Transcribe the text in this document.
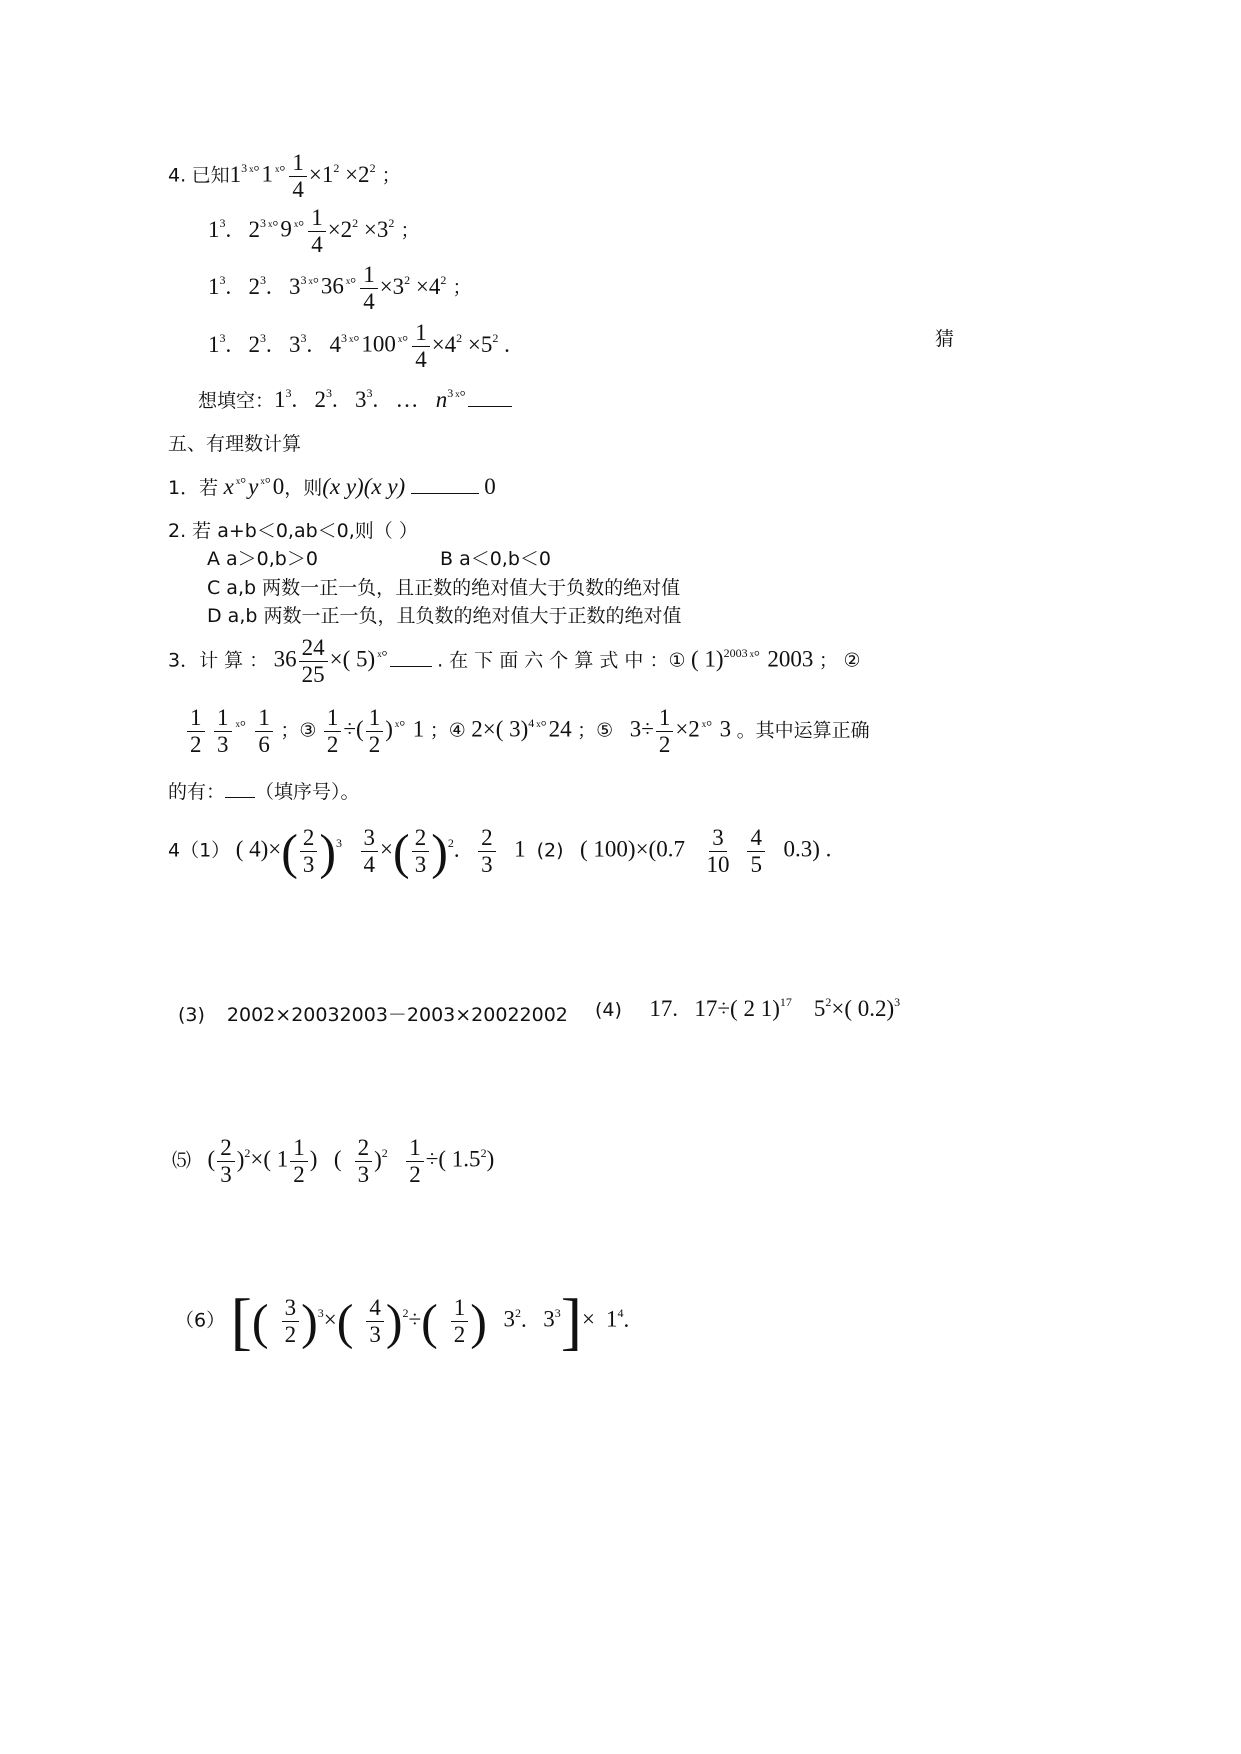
4. 已知$1^3$ $^{ˣ^\circ}$1 $^{ˣ^\circ} \frac{1}{4} \times 1^2 \times 2^2$ ；
$1^3$.   $2^3$ $^{ˣ^\circ}$9 $^{ˣ^\circ} \frac{1}{4} \times 2^2 \times 3^2$ ；
$1^3$.   $2^3$.   $3^3$ $^{ˣ^\circ}$36 $^{ˣ^\circ} \frac{1}{4} \times 3^2 \times 4^2$ ；
$1^3$.   $2^3$.   $3^3$.   $4^3$ $^{ˣ^\circ}$100 $^{ˣ^\circ} \frac{1}{4} \times 4^2 \times 5^2$ .	猜
想填空：$1^3$.   $2^3$.   $3^3$.   …   $n^3$ $^{ˣ^\circ}$
五、有理数计算
1．若 x $^{ˣ^\circ}$y $^{ˣ^\circ}$0，则(x y)(x y)	0
2. 若 a+b＜0,ab＜0,则（ ）
A a＞0,b＞0	B a＜0,b＜0
C a,b 两数一正一负，且正数的绝对值大于负数的绝对值
D a,b 两数一正一负，且负数的绝对值大于正数的绝对值
3．计 算 ： $36 \frac{24}{25}$ ×( 5) $^{ˣ^\circ}$	. 在 下 面 六 个 算 式 中 ：① ( 1)$^{2003}$ $^{ˣ^\circ}$ 2003 ； ②
$\frac{1}{2}$
$\frac{1}{3} ^{ˣ^\circ} \frac{1}{6}$ ；③ $\frac{1}{2}$ ÷( $\frac{1}{2}$ ) $^{ˣ^\circ}$ 1 ；④ 2×( 3)$^4$ $^{ˣ^\circ}$24 ；⑤ $3\div \frac{1}{2} \times 2$ $^{ˣ^\circ}$ 3 。其中运算正确
的有： （填序号）。
4（1） ( $4)\times( \frac{2}{3} )^3 \frac{3}{4}$ ×( $\frac{2}{3} )^2$. $\frac{2}{3} 1$ (2) ( $100)\times(0.7 \frac{3}{10}$
$\frac{4}{5} 0.3$) .
(3) 2002×20032003－2003×20022002 (4) 17.   17÷( 2 1)$^{17}$ $5^2\times$( 0.2)$^3$
⑸ ( $\frac{2}{3} )^2\times$( $1 \frac{1}{2}$ ) ( $\frac{2}{3} )^2 \frac{1}{2}$ ÷( $1.5^2$)
（6） [( $\frac{3}{2} )^3\times( \frac{4}{3} )^2\div( \frac{1}{2}$ ) $3^2$. $3^3]\times 1^4$.
